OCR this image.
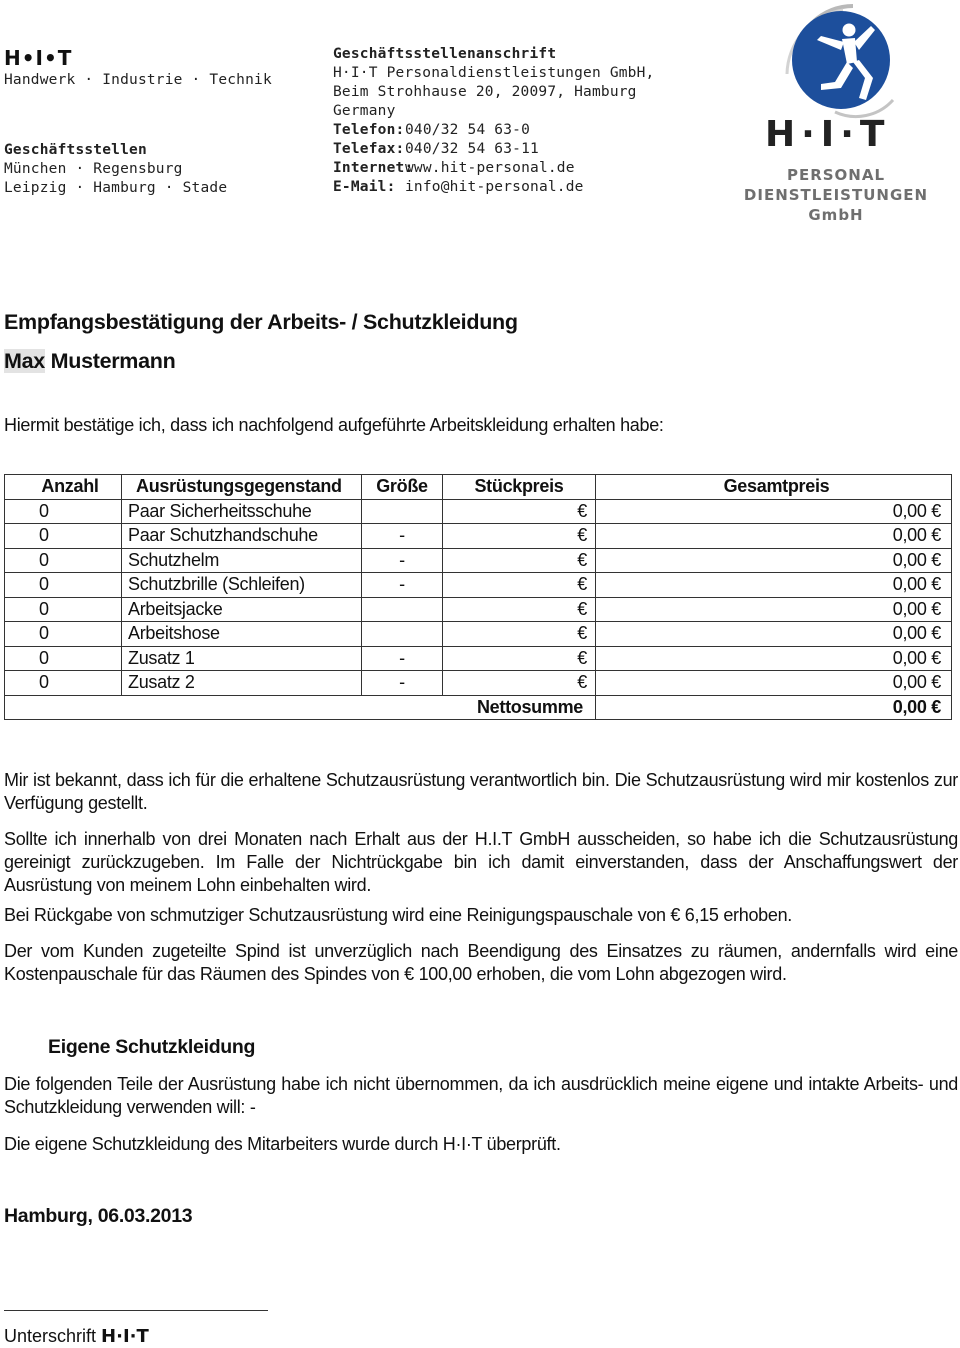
H•I•T
Handwerk · Industrie · Technik
Geschäftsstellen
München · Regensburg
Leipzig · Hamburg · Stade
Geschäftsstellenanschrift
H·I·T Personaldienstleistungen GmbH,
Beim Strohhause 20, 20097, Hamburg
Germany
Telefon:040/32 54 63-0
Telefax:040/32 54 63-11
Internet:www.hit-personal.de
E-Mail: info@hit-personal.de
H·I·T
PERSONAL
DIENSTLEISTUNGEN
GmbH
Empfangsbestätigung der Arbeits- / Schutzkleidung
Max Mustermann
Hiermit bestätige ich, dass ich nachfolgend aufgeführte Arbeitskleidung erhalten habe:
Anzahl	Ausrüstungsgegenstand	Größe	Stückpreis	Gesamtpreis
0	Paar Sicherheitsschuhe		€	0,00 €
0	Paar Schutzhandschuhe	-	€	0,00 €
0	Schutzhelm	-	€	0,00 €
0	Schutzbrille (Schleifen)	-	€	0,00 €
0	Arbeitsjacke		€	0,00 €
0	Arbeitshose		€	0,00 €
0	Zusatz 1	-	€	0,00 €
0	Zusatz 2	-	€	0,00 €
Nettosumme				0,00 €

Mir ist bekannt, dass ich für die erhaltene Schutzausrüstung verantwortlich bin. Die Schutzausrüstung wird mir kostenlos zur Verfügung gestellt.

Sollte ich innerhalb von drei Monaten nach Erhalt aus der H.I.T GmbH ausscheiden, so habe ich die Schutzausrüstung gereinigt zurückzugeben. Im Falle der Nichtrückgabe bin ich damit einverstanden, dass der Anschaffungswert der Ausrüstung von meinem Lohn einbehalten wird.

Bei Rückgabe von schmutziger Schutzausrüstung wird eine Reinigungspauschale von € 6,15 erhoben.

Der vom Kunden zugeteilte Spind ist unverzüglich nach Beendigung des Einsatzes zu räumen, andernfalls wird eine Kostenpauschale für das Räumen des Spindes von € 100,00 erhoben, die vom Lohn abgezogen wird.

Eigene Schutzkleidung

Die folgenden Teile der Ausrüstung habe ich nicht übernommen, da ich ausdrücklich meine eigene und intakte Arbeits- und Schutzkleidung verwenden will: -

Die eigene Schutzkleidung des Mitarbeiters wurde durch H·I·T überprüft.

Hamburg, 06.03.2013
Unterschrift H·I·T
